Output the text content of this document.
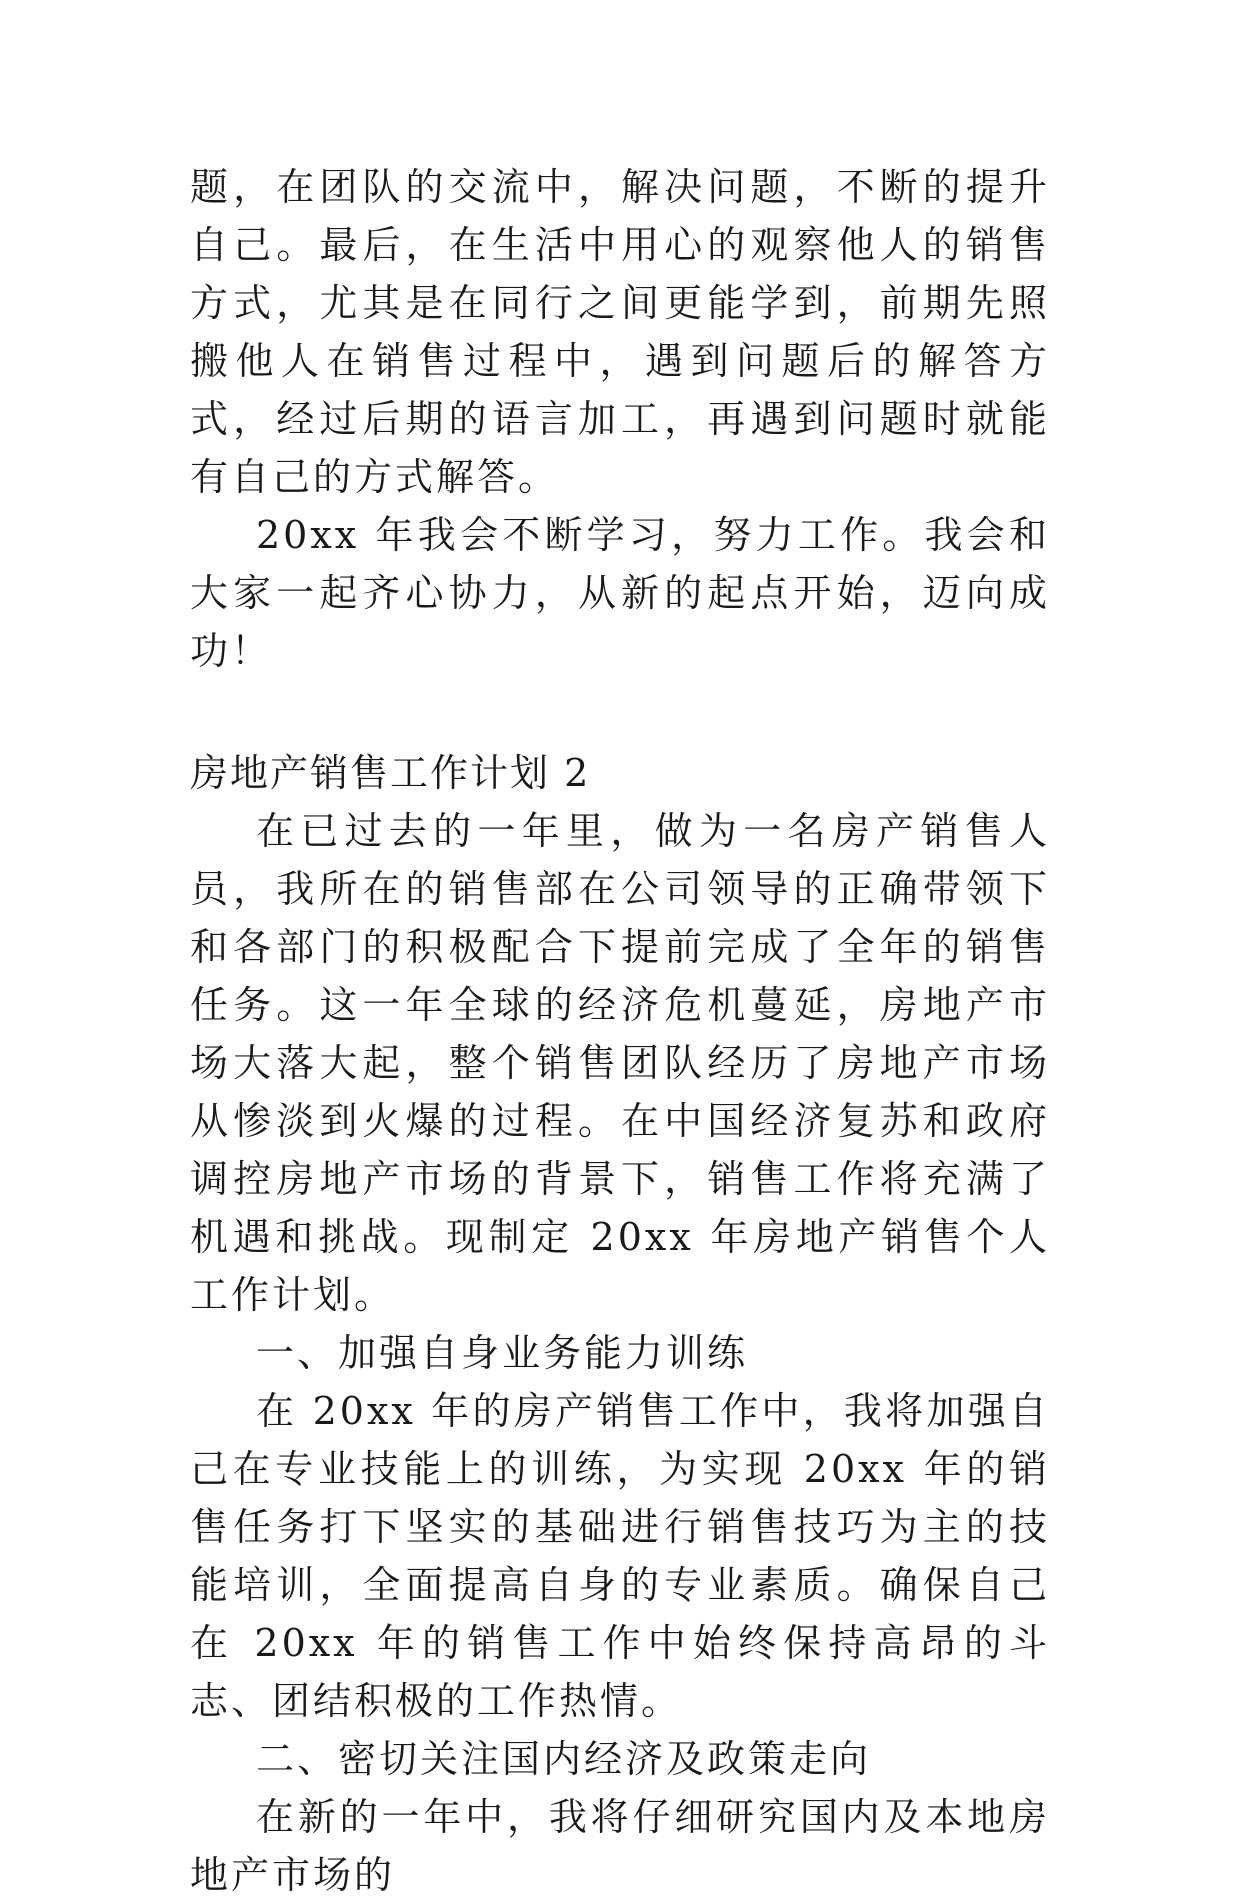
题，在团队的交流中，解决问题，不断的提升自己。最后，在生活中用心的观察他人的销售方式，尤其是在同行之间更能学到，前期先照搬他人在销售过程中，遇到问题后的解答方式，经过后期的语言加工，再遇到问题时就能有自己的方式解答。

20xx 年我会不断学习，努力工作。我会和大家一起齐心协力，从新的起点开始，迈向成功！

房地产销售工作计划 2

在已过去的一年里，做为一名房产销售人员，我所在的销售部在公司领导的正确带领下和各部门的积极配合下提前完成了全年的销售任务。这一年全球的经济危机蔓延，房地产市场大落大起，整个销售团队经历了房地产市场从惨淡到火爆的过程。在中国经济复苏和政府调控房地产市场的背景下，销售工作将充满了机遇和挑战。现制定 20xx 年房地产销售个人工作计划。

一、加强自身业务能力训练

在 20xx 年的房产销售工作中，我将加强自己在专业技能上的训练，为实现 20xx 年的销售任务打下坚实的基础进行销售技巧为主的技能培训，全面提高自身的专业素质。确保自己在 20xx 年的销售工作中始终保持高昂的斗志、团结积极的工作热情。

二、密切关注国内经济及政策走向

在新的一年中，我将仔细研究国内及本地房地产市场的
